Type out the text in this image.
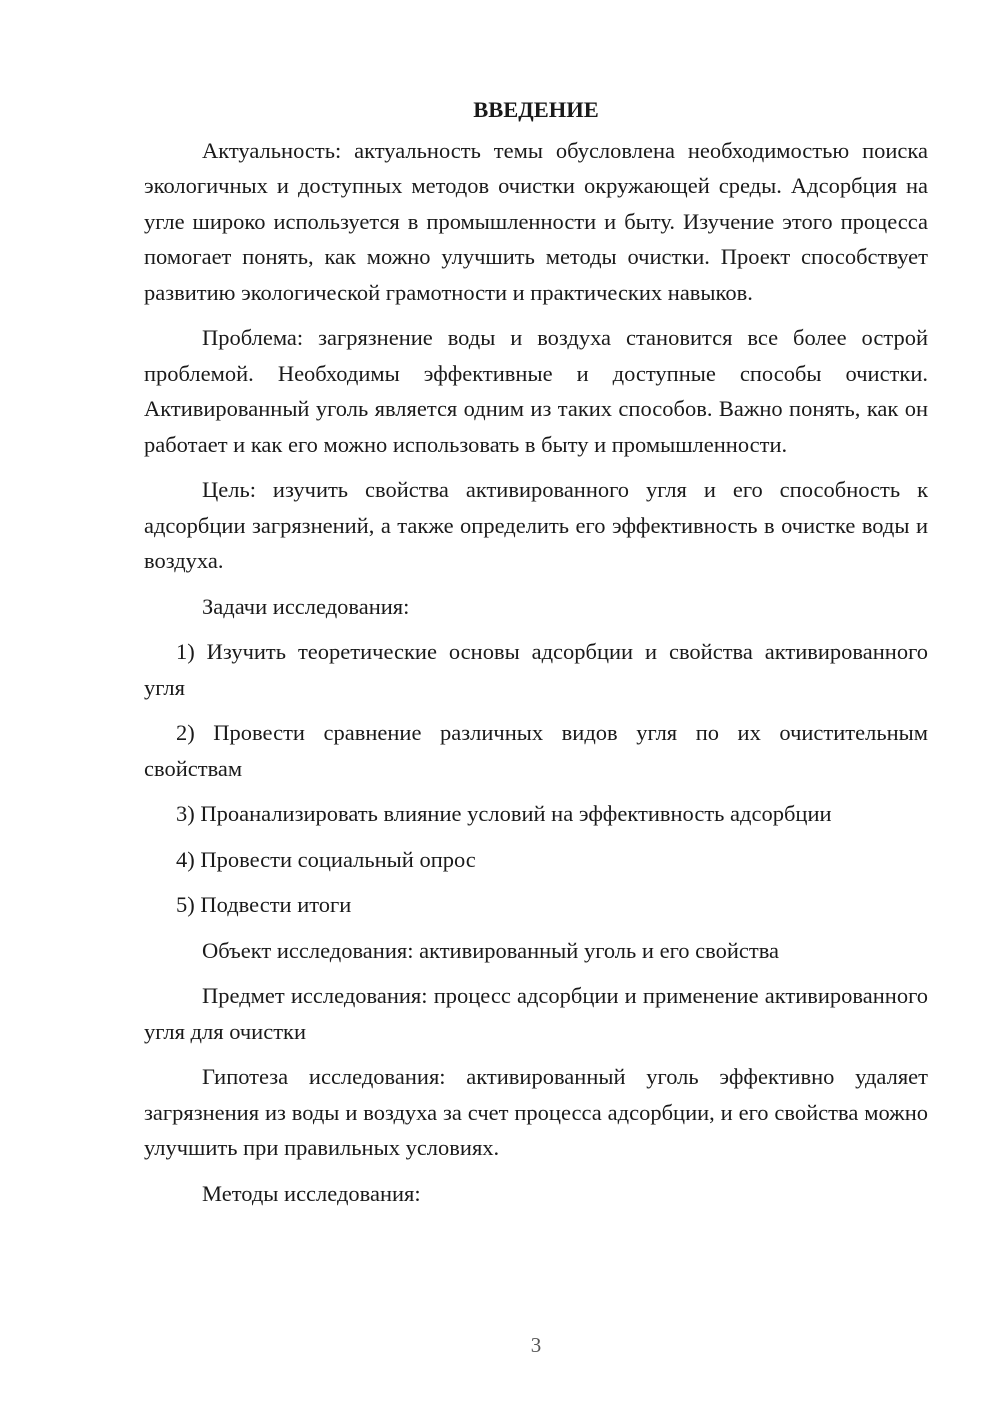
ВВЕДЕНИЕ

Актуальность: актуальность темы обусловлена необходимостью поиска экологичных и доступных методов очистки окружающей среды. Адсорбция на угле широко используется в промышленности и быту. Изучение этого процесса помогает понять, как можно улучшить методы очистки. Проект способствует развитию экологической грамотности и практических навыков.

Проблема: загрязнение воды и воздуха становится все более острой проблемой. Необходимы эффективные и доступные способы очистки. Активированный уголь является одним из таких способов. Важно понять, как он работает и как его можно использовать в быту и промышленности.

Цель: изучить свойства активированного угля и его способность к адсорбции загрязнений, а также определить его эффективность в очистке воды и воздуха.

Задачи исследования:

1) Изучить теоретические основы адсорбции и свойства активированного угля

2) Провести сравнение различных видов угля по их очистительным свойствам

3) Проанализировать влияние условий на эффективность адсорбции

4) Провести социальный опрос

5) Подвести итоги

Объект исследования: активированный уголь и его свойства

Предмет исследования: процесс адсорбции и применение активированного угля для очистки

Гипотеза исследования: активированный уголь эффективно удаляет загрязнения из воды и воздуха за счет процесса адсорбции, и его свойства можно улучшить при правильных условиях.

Методы исследования:

3
